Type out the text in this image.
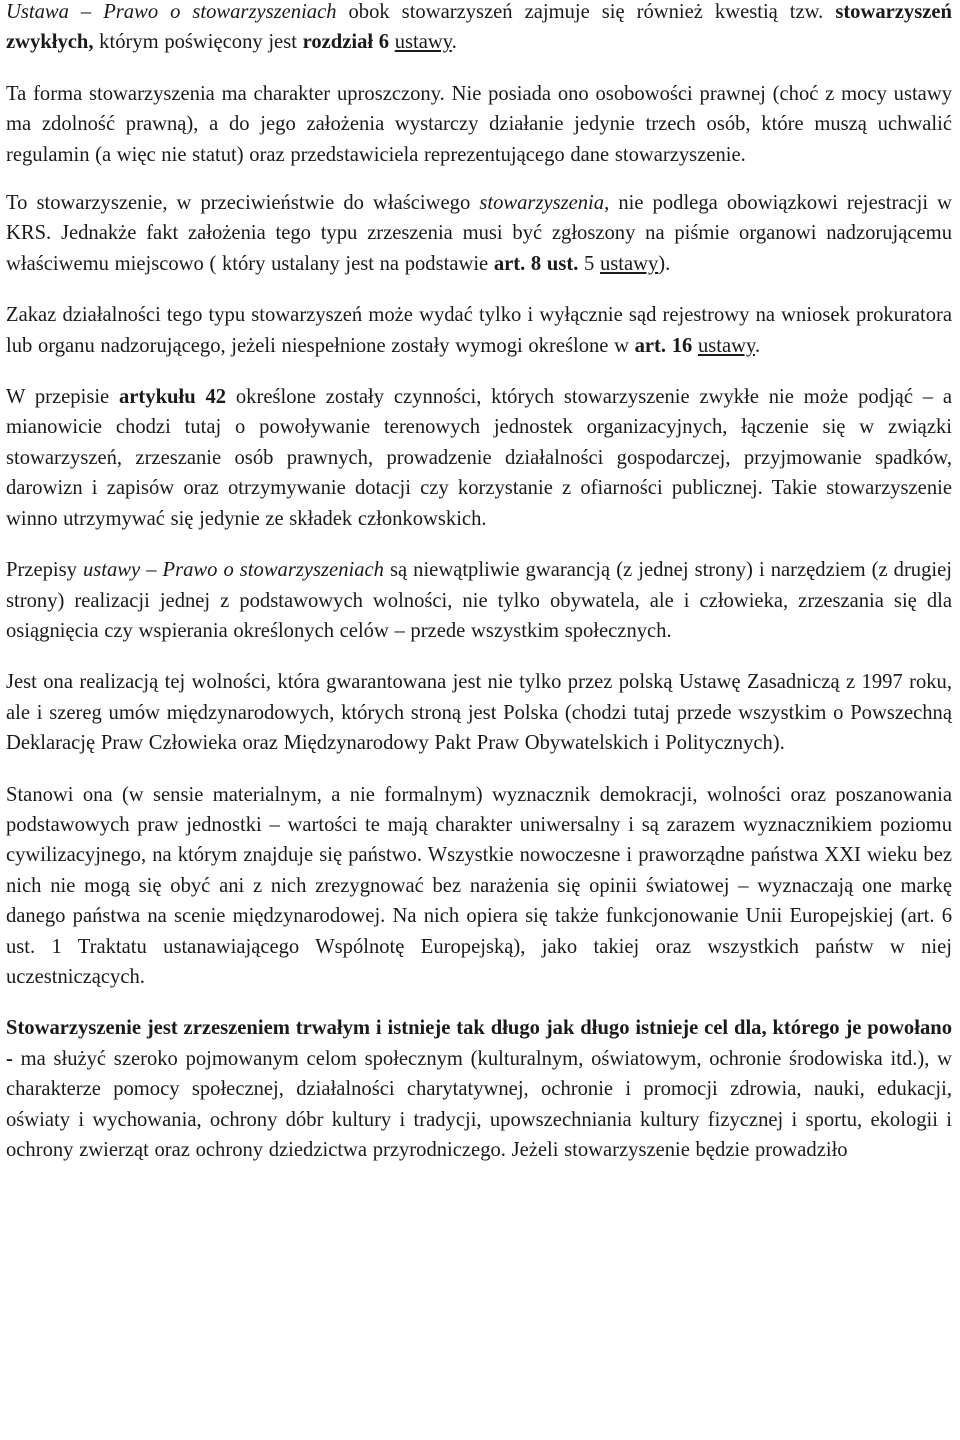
Ustawa – Prawo o stowarzyszeniach obok stowarzyszeń zajmuje się również kwestią tzw. stowarzyszeń zwykłych, którym poświęcony jest rozdział 6 ustawy.

Ta forma stowarzyszenia ma charakter uproszczony. Nie posiada ono osobowości prawnej (choć z mocy ustawy ma zdolność prawną), a do jego założenia wystarczy działanie jedynie trzech osób, które muszą uchwalić regulamin (a więc nie statut) oraz przedstawiciela reprezentującego dane stowarzyszenie.

To stowarzyszenie, w przeciwieństwie do właściwego stowarzyszenia, nie podlega obowiązkowi rejestracji w KRS. Jednakże fakt założenia tego typu zrzeszenia musi być zgłoszony na piśmie organowi nadzorującemu właściwemu miejscowo ( który ustalany jest na podstawie art. 8 ust. 5 ustawy).

Zakaz działalności tego typu stowarzyszeń może wydać tylko i wyłącznie sąd rejestrowy na wniosek prokuratora lub organu nadzorującego, jeżeli niespełnione zostały wymogi określone w art. 16 ustawy.

W przepisie artykułu 42 określone zostały czynności, których stowarzyszenie zwykłe nie może podjąć – a mianowicie chodzi tutaj o powoływanie terenowych jednostek organizacyjnych, łączenie się w związki stowarzyszeń, zrzeszanie osób prawnych, prowadzenie działalności gospodarczej, przyjmowanie spadków, darowizn i zapisów oraz otrzymywanie dotacji czy korzystanie z ofiarności publicznej. Takie stowarzyszenie winno utrzymywać się jedynie ze składek członkowskich.

Przepisy ustawy – Prawo o stowarzyszeniach są niewątpliwie gwarancją (z jednej strony) i narzędziem (z drugiej strony) realizacji jednej z podstawowych wolności, nie tylko obywatela, ale i człowieka, zrzeszania się dla osiągnięcia czy wspierania określonych celów – przede wszystkim społecznych.

Jest ona realizacją tej wolności, która gwarantowana jest nie tylko przez polską Ustawę Zasadniczą z 1997 roku, ale i szereg umów międzynarodowych, których stroną jest Polska (chodzi tutaj przede wszystkim o Powszechną Deklarację Praw Człowieka oraz Międzynarodowy Pakt Praw Obywatelskich i Politycznych).

Stanowi ona (w sensie materialnym, a nie formalnym) wyznacznik demokracji, wolności oraz poszanowania podstawowych praw jednostki – wartości te mają charakter uniwersalny i są zarazem wyznacznikiem poziomu cywilizacyjnego, na którym znajduje się państwo. Wszystkie nowoczesne i praworządne państwa XXI wieku bez nich nie mogą się obyć ani z nich zrezygnować bez narażenia się opinii światowej – wyznaczają one markę danego państwa na scenie międzynarodowej. Na nich opiera się także funkcjonowanie Unii Europejskiej (art. 6 ust. 1 Traktatu ustanawiającego Wspólnotę Europejską), jako takiej oraz wszystkich państw w niej uczestniczących.

Stowarzyszenie jest zrzeszeniem trwałym i istnieje tak długo jak długo istnieje cel dla, którego je powołano - ma służyć szeroko pojmowanym celom społecznym (kulturalnym, oświatowym, ochronie środowiska itd.), w charakterze pomocy społecznej, działalności charytatywnej, ochronie i promocji zdrowia, nauki, edukacji, oświaty i wychowania, ochrony dóbr kultury i tradycji, upowszechniania kultury fizycznej i sportu, ekologii i ochrony zwierząt oraz ochrony dziedzictwa przyrodniczego. Jeżeli stowarzyszenie będzie prowadziło
